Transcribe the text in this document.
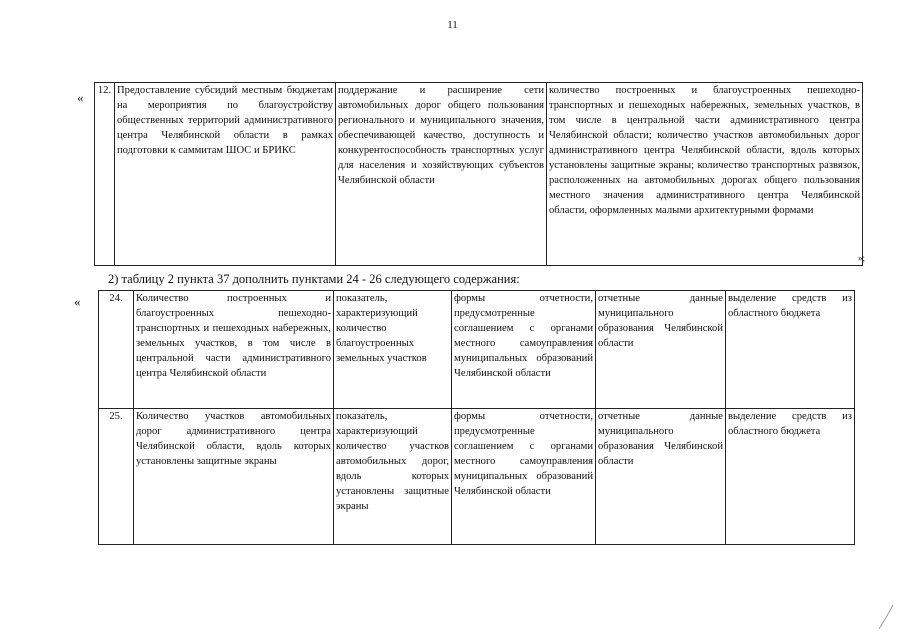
11
« 12.	Предоставление субсидий местным бюджетам на мероприятия по благоустройству общественных территорий административного центра Челябинской области в рамках подготовки к саммитам ШОС и БРИКС	поддержание и расширение сети автомобильных дорог общего пользования регионального и муниципального значения, обеспечивающей качество, доступность и конкурентоспособность транспортных услуг для населения и хозяйствующих субъектов Челябинской области	количество построенных и благоустроенных пешеходно-транспортных и пешеходных набережных, земельных участков, в том числе в центральной части административного центра Челябинской области; количество участков автомобильных дорог административного центра Челябинской области, вдоль которых установлены защитные экраны; количество транспортных развязок, расположенных на автомобильных дорогах общего пользования местного значения административного центра Челябинской области, оформленных малыми архитектурными формами
»;
2) таблицу 2 пункта 37 дополнить пунктами 24 - 26 следующего содержания:
«	24.	Количество построенных и благоустроенных пешеходно-транспортных и пешеходных набережных, земельных участков, в том числе в центральной части административного центра Челябинской области	показатель, характеризующий количество благоустроенных земельных участков	формы отчетности, предусмотренные соглашением с органами местного самоуправления муниципальных образований Челябинской области	отчетные данные муниципального образования Челябинской области	выделение средств из областного бюджета
25.	Количество участков автомобильных дорог административного центра Челябинской области, вдоль которых установлены защитные экраны	показатель, характеризующий количество участков автомобильных дорог, вдоль которых установлены защитные экраны	формы отчетности, предусмотренные соглашением с органами местного самоуправления муниципальных образований Челябинской области	отчетные данные муниципального образования Челябинской области	выделение средств из областного бюджета
